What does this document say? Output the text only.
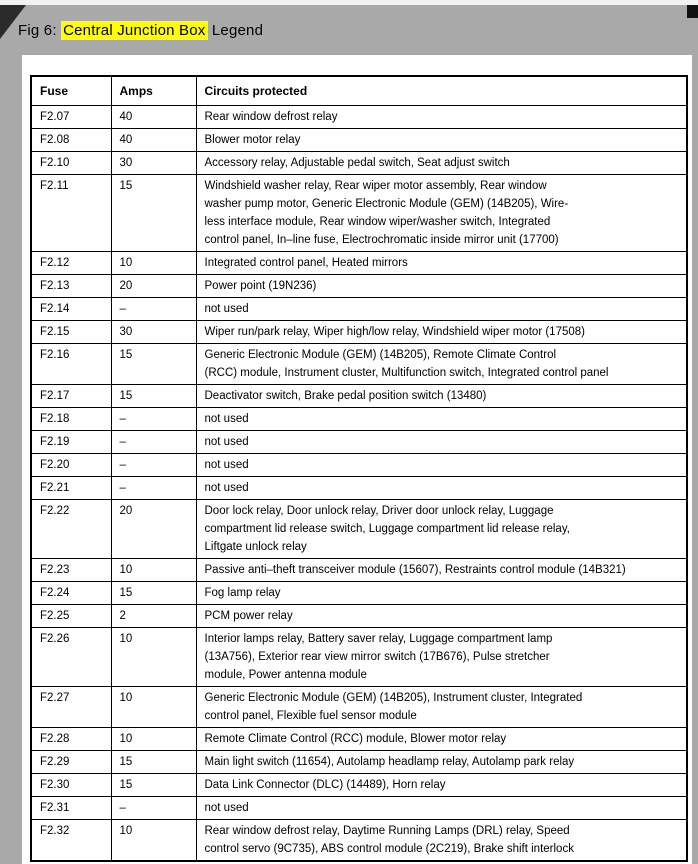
Fig 6: Central Junction Box Legend
Fuse	Amps	Circuits protected
F2.07	40	Rear window defrost relay

F2.08	40	Blower motor relay

F2.10	30	Accessory relay, Adjustable pedal switch, Seat adjust switch

F2.11	15	Windshield washer relay, Rear wiper motor assembly, Rear window
washer pump motor, Generic Electronic Module (GEM) (14B205), Wire-
less interface module, Rear window wiper/washer switch, Integrated
control panel, In–line fuse, Electrochromatic inside mirror unit (17700)

F2.12	10	Integrated control panel, Heated mirrors

F2.13	20	Power point (19N236)

F2.14	–	not used

F2.15	30	Wiper run/park relay, Wiper high/low relay, Windshield wiper motor (17508)

F2.16	15	Generic Electronic Module (GEM) (14B205), Remote Climate Control
(RCC) module, Instrument cluster, Multifunction switch, Integrated control panel

F2.17	15	Deactivator switch, Brake pedal position switch (13480)

F2.18	–	not used

F2.19	–	not used

F2.20	–	not used

F2.21	–	not used

F2.22	20	Door lock relay, Door unlock relay, Driver door unlock relay, Luggage
compartment lid release switch, Luggage compartment lid release relay,
Liftgate unlock relay

F2.23	10	Passive anti–theft transceiver module (15607), Restraints control module (14B321)

F2.24	15	Fog lamp relay

F2.25	2	PCM power relay

F2.26	10	Interior lamps relay, Battery saver relay, Luggage compartment lamp
(13A756), Exterior rear view mirror switch (17B676), Pulse stretcher
module, Power antenna module

F2.27	10	Generic Electronic Module (GEM) (14B205), Instrument cluster, Integrated
control panel, Flexible fuel sensor module

F2.28	10	Remote Climate Control (RCC) module, Blower motor relay

F2.29	15	Main light switch (11654), Autolamp headlamp relay, Autolamp park relay

F2.30	15	Data Link Connector (DLC) (14489), Horn relay

F2.31	–	not used

F2.32	10	Rear window defrost relay, Daytime Running Lamps (DRL) relay, Speed
control servo (9C735), ABS control module (2C219), Brake shift interlock
